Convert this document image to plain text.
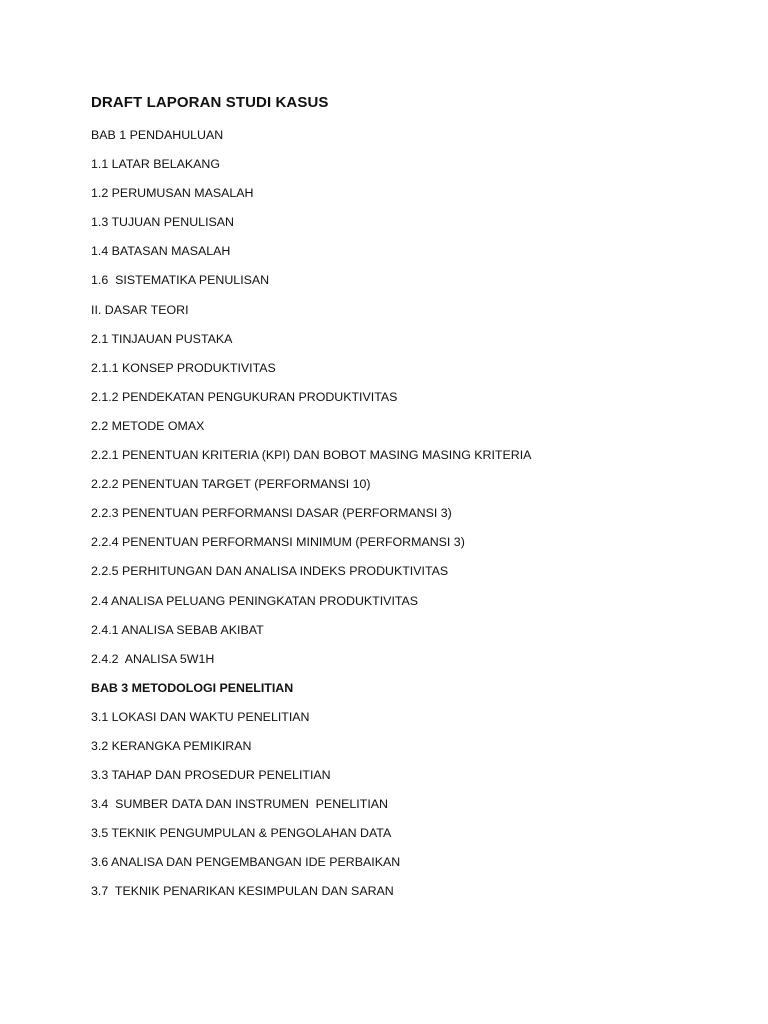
DRAFT LAPORAN STUDI KASUS
BAB 1 PENDAHULUAN
1.1 LATAR BELAKANG
1.2 PERUMUSAN MASALAH
1.3 TUJUAN PENULISAN
1.4 BATASAN MASALAH
1.6  SISTEMATIKA PENULISAN
II. DASAR TEORI
2.1 TINJAUAN PUSTAKA
2.1.1 KONSEP PRODUKTIVITAS
2.1.2 PENDEKATAN PENGUKURAN PRODUKTIVITAS
2.2 METODE OMAX
2.2.1 PENENTUAN KRITERIA (KPI) DAN BOBOT MASING MASING KRITERIA
2.2.2 PENENTUAN TARGET (PERFORMANSI 10)
2.2.3 PENENTUAN PERFORMANSI DASAR (PERFORMANSI 3)
2.2.4 PENENTUAN PERFORMANSI MINIMUM (PERFORMANSI 3)
2.2.5 PERHITUNGAN DAN ANALISA INDEKS PRODUKTIVITAS
2.4 ANALISA PELUANG PENINGKATAN PRODUKTIVITAS
2.4.1 ANALISA SEBAB AKIBAT
2.4.2  ANALISA 5W1H
BAB 3 METODOLOGI PENELITIAN
3.1 LOKASI DAN WAKTU PENELITIAN
3.2 KERANGKA PEMIKIRAN
3.3 TAHAP DAN PROSEDUR PENELITIAN
3.4  SUMBER DATA DAN INSTRUMEN  PENELITIAN
3.5 TEKNIK PENGUMPULAN & PENGOLAHAN DATA
3.6 ANALISA DAN PENGEMBANGAN IDE PERBAIKAN
3.7  TEKNIK PENARIKAN KESIMPULAN DAN SARAN
